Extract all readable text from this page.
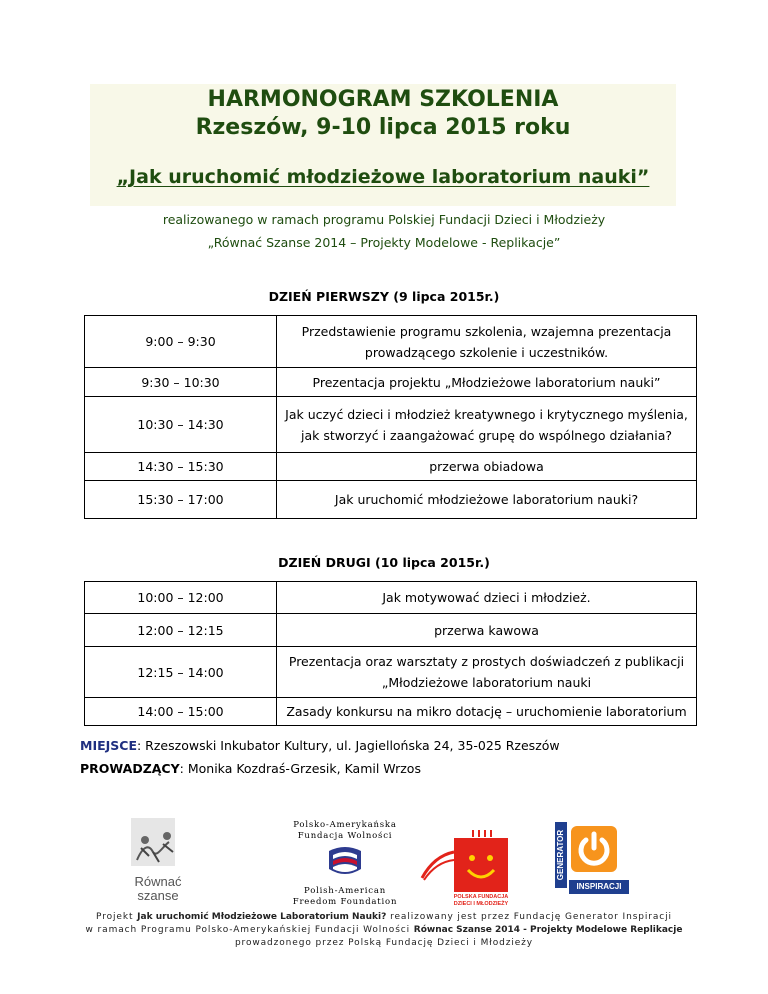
HARMONOGRAM SZKOLENIA
Rzeszów, 9-10 lipca 2015 roku
„Jak uruchomić młodzieżowe laboratorium nauki”
realizowanego w ramach programu Polskiej Fundacji Dzieci i Młodzieży
„Równać Szanse 2014 – Projekty Modelowe - Replikacje”
DZIEŃ PIERWSZY (9 lipca 2015r.)
9:00 – 9:30	Przedstawienie programu szkolenia, wzajemna prezentacja
prowadzącego szkolenie i uczestników.

9:30 – 10:30	Prezentacja projektu „Młodzieżowe laboratorium nauki”
10:30 – 14:30	Jak uczyć dzieci i młodzież kreatywnego i krytycznego myślenia,
jak stworzyć i zaangażować grupę do wspólnego działania?

14:30 – 15:30	przerwa obiadowa
15:30 – 17:00	Jak uruchomić młodzieżowe laboratorium nauki?
DZIEŃ DRUGI (10 lipca 2015r.)
10:00 – 12:00	Jak motywować dzieci i młodzież.
12:00 – 12:15	przerwa kawowa
12:15 – 14:00	Prezentacja oraz warsztaty z prostych doświadczeń z publikacji
„Młodzieżowe laboratorium nauki

14:00 – 15:00	Zasady konkursu na mikro dotację – uruchomienie laboratorium
MIEJSCE: Rzeszowski Inkubator Kultury, ul. Jagiellońska 24, 35-025 Rzeszów
PROWADZĄCY: Monika Kozdraś-Grzesik, Kamil Wrzos
Równać
szanse
Polsko-Amerykańska
Fundacja Wolności
Polish-American
Freedom Foundation	POLSKA FUNDACJA
DZIECI I MŁODZIEŻY
GENERATOR
INSPIRACJI
Projekt Jak uruchomić Młodzieżowe Laboratorium Nauki? realizowany jest przez Fundację Generator Inspiracji
w ramach Programu Polsko-Amerykańskiej Fundacji Wolności Równac Szanse 2014 - Projekty Modelowe Replikacje
prowadzonego przez Polską Fundację Dzieci i Młodzieży
